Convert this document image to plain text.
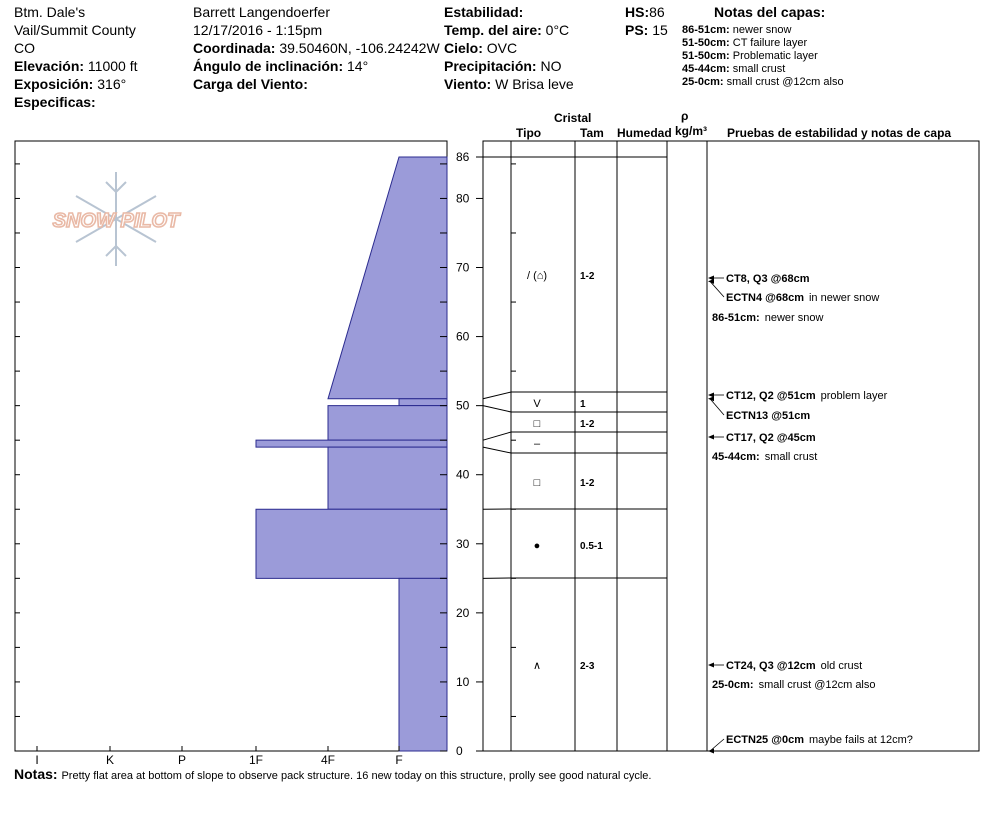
Btm. Dale's
Vail/Summit County
CO
Elevación: 11000 ft
Exposición: 316°
Especificas:
Barrett Langendoerfer
12/17/2016 - 1:15pm
Coordinada: 39.50460N, -106.24242W
Ángulo de inclinación: 14°
Carga del Viento:
Estabilidad:
Temp. del aire: 0°C
Cielo: OVC
Precipitación: NO
Viento: W Brisa leve
HS:86
PS: 15
Notas del capas:
86-51cm: newer snow
51-50cm: CT failure layer
51-50cm: Problematic layer
45-44cm: small crust
25-0cm: small crust @12cm also
Cristal
Tipo	Tam Humedad
ρ
kg/m³ Pruebas de estabilidad y notas de capa
SNOW PILOT
0
10
20
30
40
50
60
70
80
86
I	K	P	1F	4F	F
/ (⌂)	1-2
V	1
□	1-2
–
□	1-2
●	0.5-1
∧	2-3
CT8, Q3 @68cm
ECTN4 @68cm in newer snow
86-51cm: newer snow
CT12, Q2 @51cm problem layer
ECTN13 @51cm
CT17, Q2 @45cm
45-44cm: small crust
CT24, Q3 @12cm old crust
25-0cm: small crust @12cm also
ECTN25 @0cm maybe fails at 12cm?
Notas: Pretty flat area at bottom of slope to observe pack structure. 16 new today on this structure, prolly see good natural cycle.
